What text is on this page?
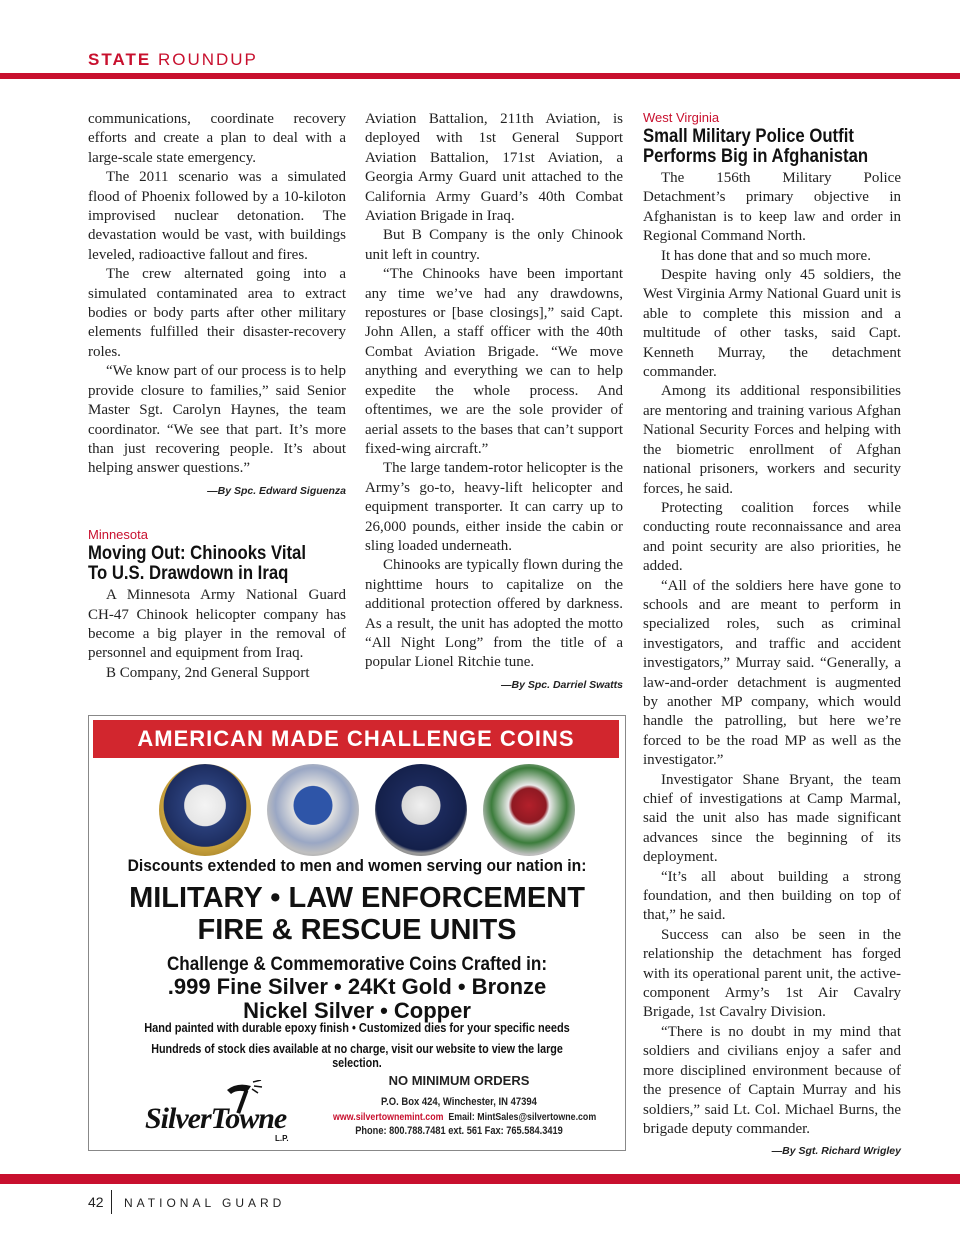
STATE ROUNDUP

communications, coordinate recovery efforts and create a plan to deal with a large-scale state emergency.

The 2011 scenario was a simulated flood of Phoenix followed by a 10-kiloton improvised nuclear detonation. The devastation would be vast, with buildings leveled, radioactive fallout and fires.

The crew alternated going into a simulated contaminated area to extract bodies or body parts after other military elements fulfilled their disaster-recovery roles.

“We know part of our process is to help provide closure to families,” said Senior Master Sgt. Carolyn Haynes, the team coordinator. “We see that part. It’s more than just recovering people. It’s about helping answer questions.”

—By Spc. Edward Siguenza
Minnesota
Moving Out: Chinooks Vital
To U.S. Drawdown in Iraq

A Minnesota Army National Guard CH-47 Chinook helicopter company has become a big player in the removal of personnel and equipment from Iraq.

B Company, 2nd General Support

Aviation Battalion, 211th Aviation, is deployed with 1st General Support Aviation Battalion, 171st Aviation, a Georgia Army Guard unit attached to the California Army Guard’s 40th Combat Aviation Brigade in Iraq.

But B Company is the only Chinook unit left in country.

“The Chinooks have been important any time we’ve had any drawdowns, repostures or [base closings],” said Capt. John Allen, a staff officer with the 40th Combat Aviation Brigade. “We move anything and everything we can to help expedite the whole process. And oftentimes, we are the sole provider of aerial assets to the bases that can’t support fixed-wing aircraft.”

The large tandem-rotor helicopter is the Army’s go-to, heavy-lift helicopter and equipment transporter. It can carry up to 26,000 pounds, either inside the cabin or sling loaded underneath.

Chinooks are typically flown during the nighttime hours to capitalize on the additional protection offered by darkness. As a result, the unit has adopted the motto “All Night Long” from the title of a popular Lionel Ritchie tune.

—By Spc. Darriel Swatts
West Virginia
Small Military Police Outfit
Performs Big in Afghanistan

The 156th Military Police Detachment’s primary objective in Afghanistan is to keep law and order in Regional Command North.

It has done that and so much more.

Despite having only 45 soldiers, the West Virginia Army National Guard unit is able to complete this mission and a multitude of other tasks, said Capt. Kenneth Murray, the detachment commander.

Among its additional responsibilities are mentoring and training various Afghan National Security Forces and helping with the biometric enrollment of Afghan national prisoners, workers and security forces, he said.

Protecting coalition forces while conducting route reconnaissance and area and point security are also priorities, he added.

“All of the soldiers here have gone to schools and are meant to perform in specialized roles, such as criminal investigators, and traffic and accident investigators,” Murray said. “Generally, a law-and-order detachment is augmented by another MP company, which would handle the patrolling, but here we’re forced to be the road MP as well as the investigator.”

Investigator Shane Bryant, the team chief of investigations at Camp Marmal, said the unit also has made significant advances since the beginning of its deployment.

“It’s all about building a strong foundation, and then building on top of that,” he said.

Success can also be seen in the relationship the detachment has forged with its operational parent unit, the active-component Army’s 1st Air Cavalry Brigade, 1st Cavalry Division.

“There is no doubt in my mind that soldiers and civilians enjoy a safer and more disciplined environment because of the presence of Captain Murray and his soldiers,” said Lt. Col. Michael Burns, the brigade deputy commander.

—By Sgt. Richard Wrigley
AMERICAN MADE CHALLENGE COINS
Discounts extended to men and women serving our nation in:
MILITARY • LAW ENFORCEMENT
FIRE & RESCUE UNITS
Challenge & Commemorative Coins Crafted in:
.999 Fine Silver • 24Kt Gold • Bronze
Nickel Silver • Copper
Hand painted with durable epoxy finish • Customized dies for your specific needs
Hundreds of stock dies available at no charge, visit our website to view the large selection.
SilverTowne
L.P.
NO MINIMUM ORDERS
P.O. Box 424, Winchester, IN 47394
www.silvertownemint.com Email: MintSales@silvertowne.com
Phone: 800.788.7481 ext. 561 Fax: 765.584.3419
42 NATIONAL GUARD
